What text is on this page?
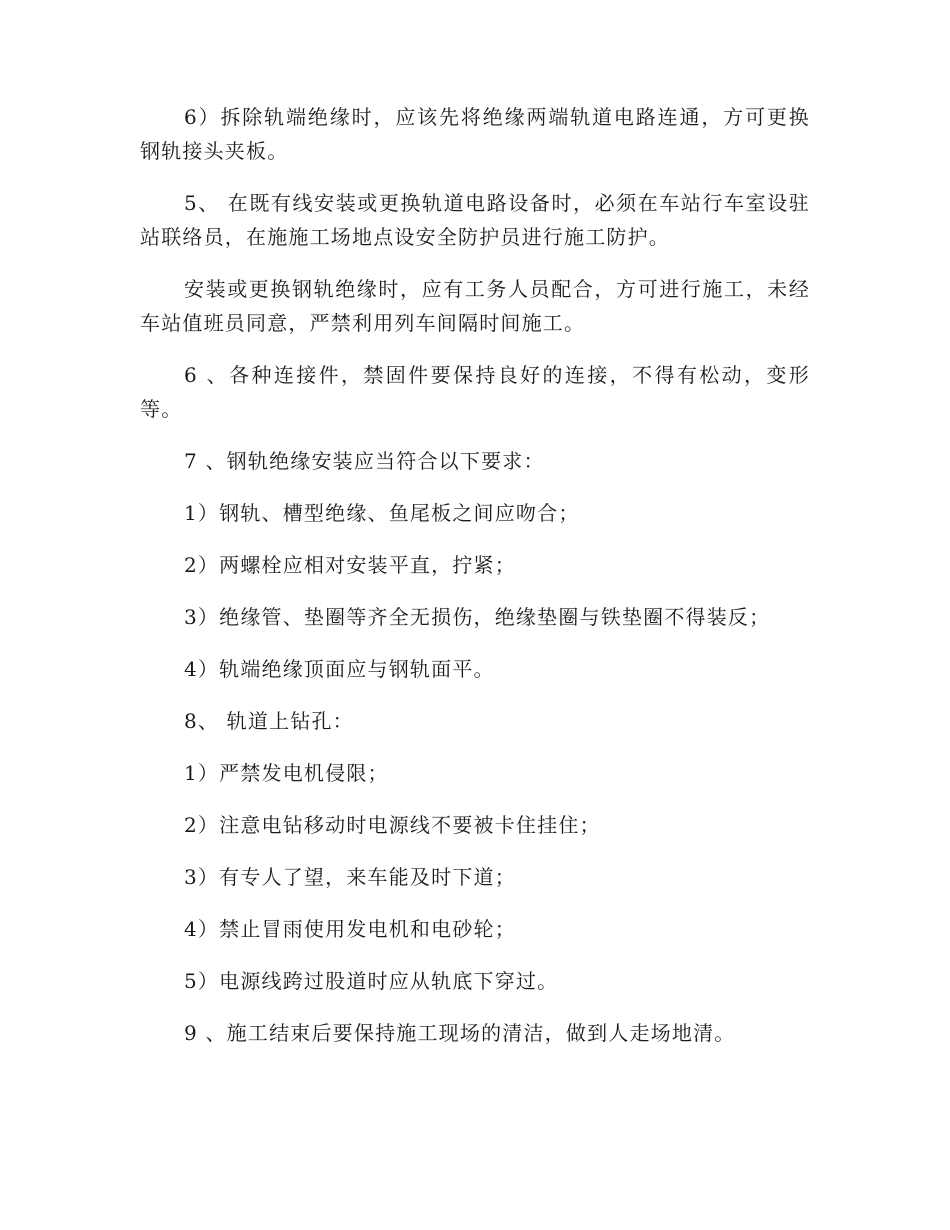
6）拆除轨端绝缘时，应该先将绝缘两端轨道电路连通，方可更换钢轨接头夹板。

5、 在既有线安装或更换轨道电路设备时，必须在车站行车室设驻站联络员，在施施工场地点设安全防护员进行施工防护。

安装或更换钢轨绝缘时，应有工务人员配合，方可进行施工，未经车站值班员同意，严禁利用列车间隔时间施工。

6 、各种连接件，禁固件要保持良好的连接，不得有松动，变形等。

7 、钢轨绝缘安装应当符合以下要求：

1）钢轨、槽型绝缘、鱼尾板之间应吻合；

2）两螺栓应相对安装平直，拧紧；

3）绝缘管、垫圈等齐全无损伤，绝缘垫圈与铁垫圈不得装反；

4）轨端绝缘顶面应与钢轨面平。

8、 轨道上钻孔：

1）严禁发电机侵限；

2）注意电钻移动时电源线不要被卡住挂住；

3）有专人了望，来车能及时下道；

4）禁止冒雨使用发电机和电砂轮；

5）电源线跨过股道时应从轨底下穿过。

9 、施工结束后要保持施工现场的清洁，做到人走场地清。
